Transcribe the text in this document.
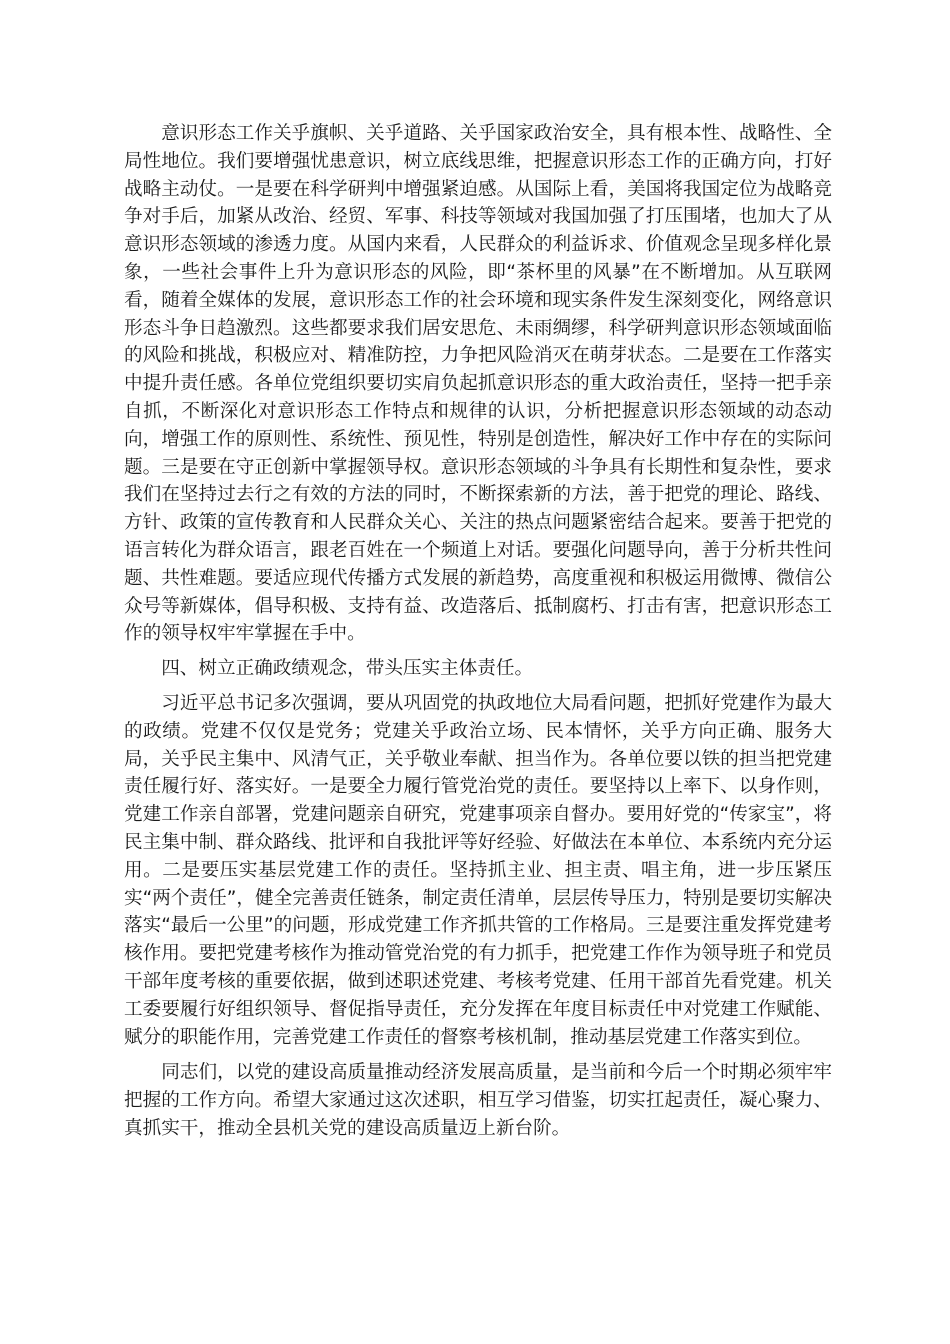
意识形态工作关乎旗帜、关乎道路、关乎国家政治安全，具有根本性、战略性、全局性地位。我们要增强忧患意识，树立底线思维，把握意识形态工作的正确方向，打好战略主动仗。一是要在科学研判中增强紧迫感。从国际上看，美国将我国定位为战略竞争对手后，加紧从改治、经贸、军事、科技等领域对我国加强了打压围堵，也加大了从意识形态领域的渗透力度。从国内来看，人民群众的利益诉求、价值观念呈现多样化景象，一些社会事件上升为意识形态的风险，即“茶杯里的风暴”在不断增加。从互联网看，随着全媒体的发展，意识形态工作的社会环境和现实条件发生深刻变化，网络意识形态斗争日趋激烈。这些都要求我们居安思危、未雨绸缪，科学研判意识形态领域面临的风险和挑战，积极应对、精准防控，力争把风险消灭在萌芽状态。二是要在工作落实中提升责任感。各单位党组织要切实肩负起抓意识形态的重大政治责任，坚持一把手亲自抓，不断深化对意识形态工作特点和规律的认识，分析把握意识形态领域的动态动向，增强工作的原则性、系统性、预见性，特别是创造性，解决好工作中存在的实际问题。三是要在守正创新中掌握领导权。意识形态领域的斗争具有长期性和复杂性，要求我们在坚持过去行之有效的方法的同时，不断探索新的方法，善于把党的理论、路线、方针、政策的宣传教育和人民群众关心、关注的热点问题紧密结合起来。要善于把党的语言转化为群众语言，跟老百姓在一个频道上对话。要强化问题导向，善于分析共性问题、共性难题。要适应现代传播方式发展的新趋势，高度重视和积极运用微博、微信公众号等新媒体，倡导积极、支持有益、改造落后、抵制腐朽、打击有害，把意识形态工作的领导权牢牢掌握在手中。

四、树立正确政绩观念，带头压实主体责任。

习近平总书记多次强调，要从巩固党的执政地位大局看问题，把抓好党建作为最大的政绩。党建不仅仅是党务；党建关乎政治立场、民本情怀，关乎方向正确、服务大局，关乎民主集中、风清气正，关乎敬业奉献、担当作为。各单位要以铁的担当把党建责任履行好、落实好。一是要全力履行管党治党的责任。要坚持以上率下、以身作则，党建工作亲自部署，党建问题亲自研究，党建事项亲自督办。要用好党的“传家宝”，将民主集中制、群众路线、批评和自我批评等好经验、好做法在本单位、本系统内充分运用。二是要压实基层党建工作的责任。坚持抓主业、担主责、唱主角，进一步压紧压实“两个责任”，健全完善责任链条，制定责任清单，层层传导压力，特别是要切实解决落实“最后一公里”的问题，形成党建工作齐抓共管的工作格局。三是要注重发挥党建考核作用。要把党建考核作为推动管党治党的有力抓手，把党建工作作为领导班子和党员干部年度考核的重要依据，做到述职述党建、考核考党建、任用干部首先看党建。机关工委要履行好组织领导、督促指导责任，充分发挥在年度目标责任中对党建工作赋能、赋分的职能作用，完善党建工作责任的督察考核机制，推动基层党建工作落实到位。

同志们，以党的建设高质量推动经济发展高质量，是当前和今后一个时期必须牢牢把握的工作方向。希望大家通过这次述职，相互学习借鉴，切实扛起责任，凝心聚力、真抓实干，推动全县机关党的建设高质量迈上新台阶。
